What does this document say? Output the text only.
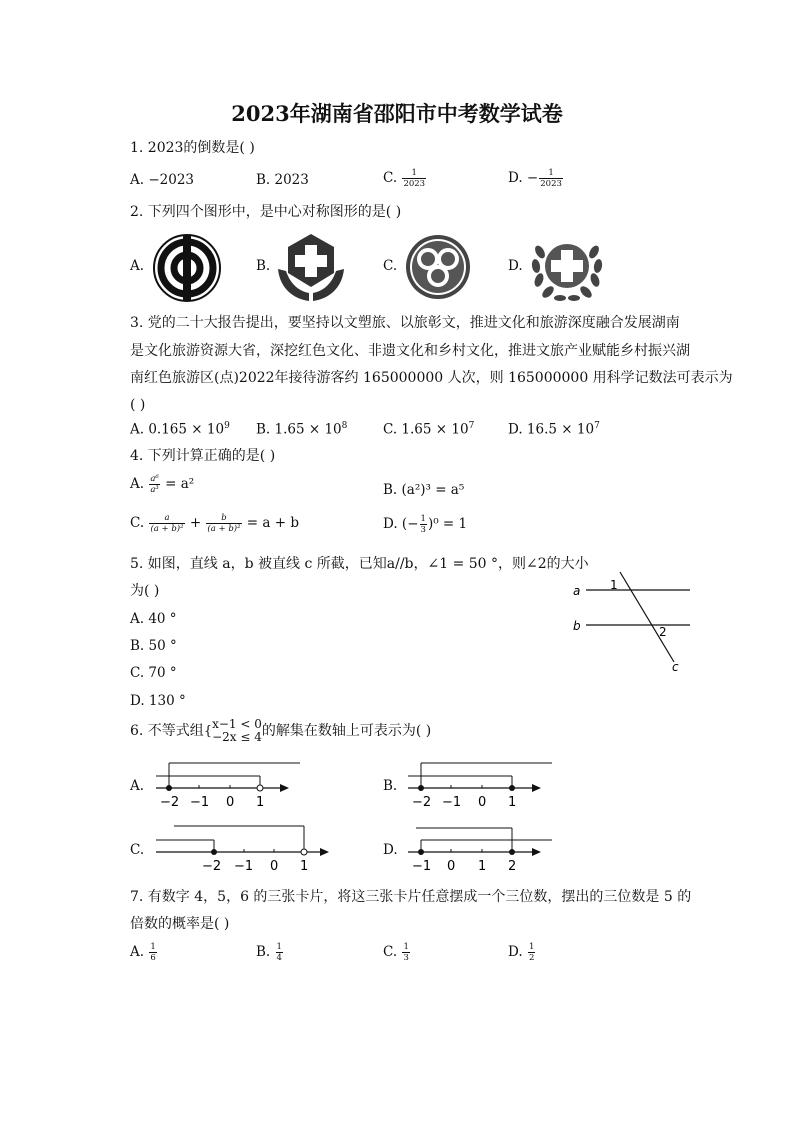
2023年湖南省邵阳市中考数学试卷
1. 2023的倒数是( )
A. −2023	B. 2023	C. $\frac{1}{2023}$	D. − $\frac{1}{2023}$
2. 下列四个图形中，是中心对称图形的是( )
A.	B.	C.	D.
3. 党的二十大报告提出，要坚持以文塑旅、以旅彰文，推进文化和旅游深度融合发展湖南
是文化旅游资源大省，深挖红色文化、非遗文化和乡村文化，推进文旅产业赋能乡村振兴湖
南红色旅游区(点)2022年接待游客约 165000000 人次，则 165000000 用科学记数法可表示为
( )
A. $0.165 \times 10^9$ B. $1.65 \times 10^8$	C. $1.65 \times 10^7$ D. $16.5 \times 10^7$
4. 下列计算正确的是( )
A. $\frac{\text{a⁶}}{\text{a³}} = a^2$	B. (a²)³ = a⁵
C. $\frac{a}{\text{(a + b)²}} + \frac{b}{\text{(a + b)²}} = a + b$	D. (− $\frac{1}{3} )^0 = 1$
5. 如图，直线 a，b 被直线 c 所截，已知a//b，∠1 = 50 °，则∠2的大小
为( )
A. 40 °
B. 50 °
C. 70 °
D. 130 °
a
b
c
1
2
6. 不等式组{ x−1 < 0
−2x ≤ 4 的解集在数轴上可表示为( )
A.	B.
C.	D.
−2 −1 0 1	−2 −1 0 1
−2 −1 0 1	−1 0 1 2
7. 有数字 4，5，6 的三张卡片，将这三张卡片任意摆成一个三位数，摆出的三位数是 5 的
倍数的概率是( )
A. $\frac{1}{6}$	B. $\frac{1}{4}$	C. $\frac{1}{3}$	D. $\frac{1}{2}$
